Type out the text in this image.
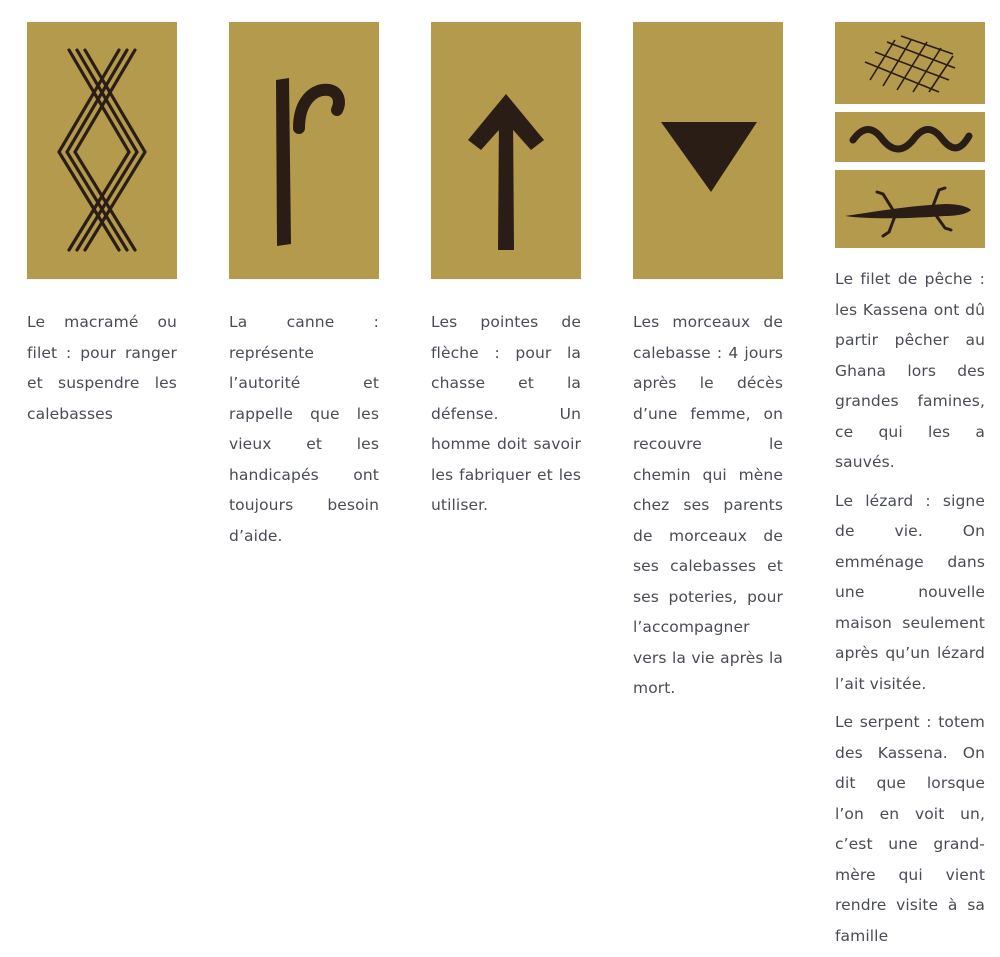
Le macramé ou filet : pour ranger et suspendre les calebasses

La canne : représente l’autorité et rappelle que les vieux et les handicapés ont toujours besoin d’aide.

Les pointes de flèche : pour la chasse et la défense. Un homme doit savoir les fabriquer et les utiliser.

Les morceaux de calebasse : 4 jours après le décès d’une femme, on recouvre le chemin qui mène chez ses parents de morceaux de ses calebasses et ses poteries, pour l’accompagner vers la vie après la mort.

Le filet de pêche : les Kassena ont dû partir pêcher au Ghana lors des grandes famines, ce qui les a sauvés.

Le lézard : signe de vie. On emménage dans une nouvelle maison seulement après qu’un lézard l’ait visitée.

Le serpent : totem des Kassena. On dit que lorsque l’on en voit un, c’est une grand-mère qui vient rendre visite à sa famille
